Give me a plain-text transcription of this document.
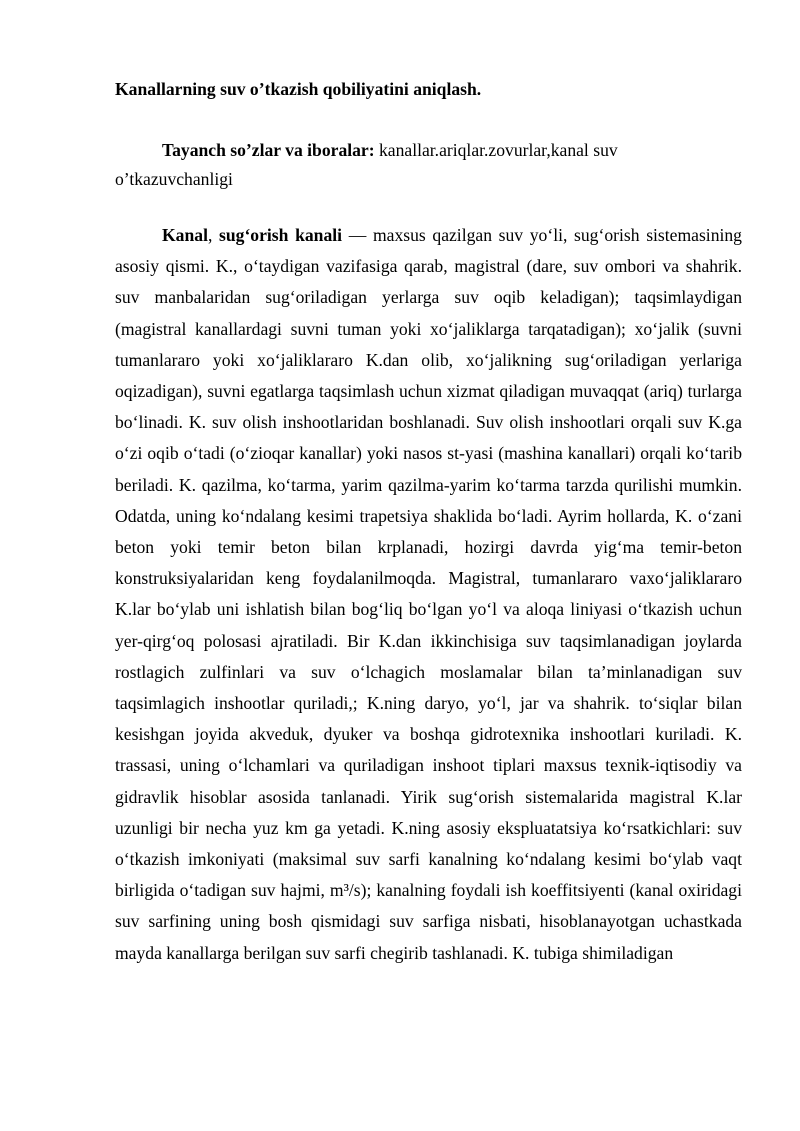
Kanallarning suv o’tkazish qobiliyatini aniqlash.

Tayanch so’zlar va iboralar: kanallar.ariqlar.zovurlar,kanal suv o’tkazuvchanligi

Kanal, sug‘orish kanali — maxsus qazilgan suv yo‘li, sug‘orish sistemasining asosiy qismi. K., o‘taydigan vazifasiga qarab, magistral (dare, suv ombori va shahrik. suv manbalaridan sug‘oriladigan yerlarga suv oqib keladigan); taqsimlaydigan (magistral kanallardagi suvni tuman yoki xo‘jaliklarga tarqatadigan); xo‘jalik (suvni tumanlararo yoki xo‘jaliklararo K.dan olib, xo‘jalikning sug‘oriladigan yerlariga oqizadigan), suvni egatlarga taqsimlash uchun xizmat qiladigan muvaqqat (ariq) turlarga bo‘linadi. K. suv olish inshootlaridan boshlanadi. Suv olish inshootlari orqali suv K.ga o‘zi oqib o‘tadi (o‘zioqar kanallar) yoki nasos st-yasi (mashina kanallari) orqali ko‘tarib beriladi. K. qazilma, ko‘tarma, yarim qazilma-yarim ko‘tarma tarzda qurilishi mumkin. Odatda, uning ko‘ndalang kesimi trapetsiya shaklida bo‘ladi. Ayrim hollarda, K. o‘zani beton yoki temir beton bilan krplanadi, hozirgi davrda yig‘ma temir-beton konstruksiyalaridan keng foydalanilmoqda. Magistral, tumanlararo vaxo‘jaliklararo K.lar bo‘ylab uni ishlatish bilan bog‘liq bo‘lgan yo‘l va aloqa liniyasi o‘tkazish uchun yer-qirg‘oq polosasi ajratiladi. Bir K.dan ikkinchisiga suv taqsimlanadigan joylarda rostlagich zulfinlari va suv o‘lchagich moslamalar bilan ta’minlanadigan suv taqsimlagich inshootlar quriladi,; K.ning daryo, yo‘l, jar va shahrik. to‘siqlar bilan kesishgan joyida akveduk, dyuker va boshqa gidrotexnika inshootlari kuriladi. K. trassasi, uning o‘lchamlari va quriladigan inshoot tiplari maxsus texnik-iqtisodiy va gidravlik hisoblar asosida tanlanadi. Yirik sug‘orish sistemalarida magistral K.lar uzunligi bir necha yuz km ga yetadi. K.ning asosiy ekspluatatsiya ko‘rsatkichlari: suv o‘tkazish imkoniyati (maksimal suv sarfi kanalning ko‘ndalang kesimi bo‘ylab vaqt birligida o‘tadigan suv hajmi, m³/s); kanalning foydali ish koeffitsiyenti (kanal oxiridagi suv sarfining uning bosh qismidagi suv sarfiga nisbati, hisoblanayotgan uchastkada mayda kanallarga berilgan suv sarfi chegirib tashlanadi. K. tubiga shimiladigan
